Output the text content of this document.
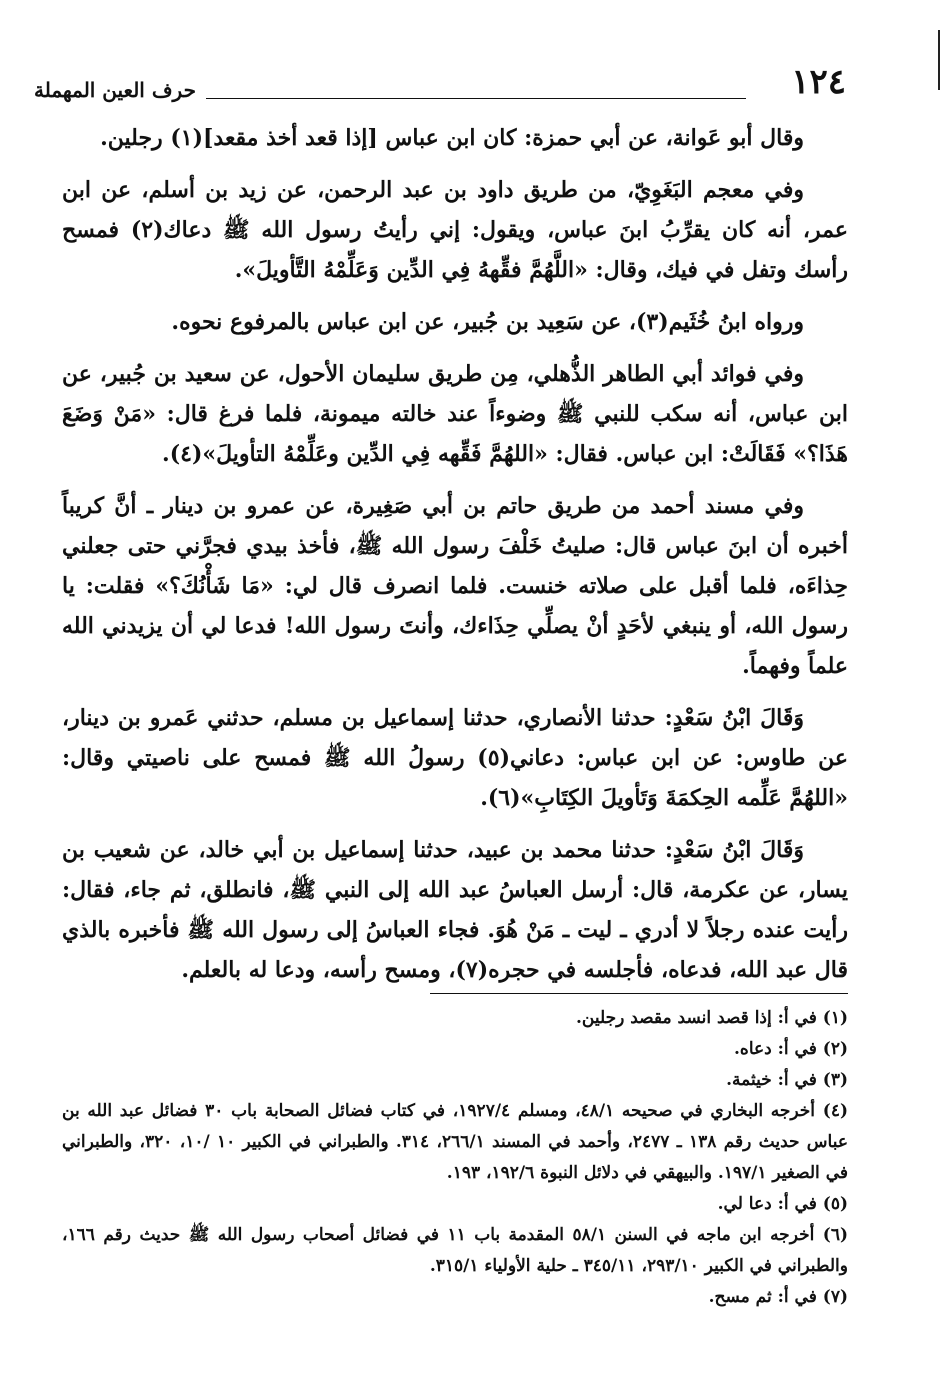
١٢٤
حرف العين المهملة

وقال أبو عَوانة، عن أبي حمزة: كان ابن عباس [إذا قعد أخذ مقعد](١) رجلين.

وفي معجم البَغَوِيّ، من طريق داود بن عبد الرحمن، عن زيد بن أسلم، عن ابن عمر، أنه كان يقرِّبُ ابنَ عباس، ويقول: إني رأيتُ رسول الله ﷺ دعاك(٢) فمسح رأسك وتفل في فيك، وقال: «اللَّهُمَّ فقِّههُ فِي الدِّين وَعَلِّمْهُ التَّأويلَ».

ورواه ابنُ خُثَيم(٣)، عن سَعِيد بن جُبير، عن ابن عباس بالمرفوع نحوه.

وفي فوائد أبي الطاهر الذُّهلي، مِن طريق سليمان الأحول، عن سعيد بن جُبير، عن ابن عباس، أنه سكب للنبي ﷺ وضوءاً عند خالته ميمونة، فلما فرغ قال: «مَنْ وَضَعَ هَذَا؟» فَقَالَتْ: ابن عباس. فقال: «اللهُمَّ فَقِّهه فِي الدِّين وعَلِّمْهُ التأويلَ»(٤).

وفي مسند أحمد من طريق حاتم بن أبي صَغِيرة، عن عمرو بن دينار ـ أنَّ كريباً أخبره أن ابنَ عباس قال: صليتُ خَلْفَ رسول الله ﷺ، فأخذ بيدي فجرَّني حتى جعلني حِذاءَه، فلما أقبل على صلاته خنست. فلما انصرف قال لي: «مَا شَأْنُكَ؟» فقلت: يا رسول الله، أو ينبغي لأحَدٍ أنْ يصلِّي حِذَاءك، وأنتَ رسول الله! فدعا لي أن يزيدني الله علماً وفهماً.

وَقَالَ ابْنُ سَعْدٍ: حدثنا الأنصاري، حدثنا إسماعيل بن مسلم، حدثني عَمرو بن دينار، عن طاوس: عن ابن عباس: دعاني(٥) رسولُ الله ﷺ فمسح على ناصيتي وقال: «اللهُمَّ عَلِّمه الحِكمَةَ وَتَأويلَ الكِتَابِ»(٦).

وَقَالَ ابْنُ سَعْدٍ: حدثنا محمد بن عبيد، حدثنا إسماعيل بن أبي خالد، عن شعيب بن يسار، عن عكرمة، قال: أرسل العباسُ عبد الله إلى النبي ﷺ، فانطلق، ثم جاء، فقال: رأيت عنده رجلاً لا أدري ـ ليت ـ مَنْ هُوَ. فجاء العباسُ إلى رسول الله ﷺ فأخبره بالذي قال عبد الله، فدعاه، فأجلسه في حجره(٧)، ومسح رأسه، ودعا له بالعلم.

(١) في أ: إذا قصد انسد مقصد رجلين.

(٢) في أ: دعاه.

(٣) في أ: خيثمة.

(٤) أخرجه البخاري في صحيحه ٤٨/١، ومسلم ١٩٢٧/٤، في كتاب فضائل الصحابة باب ٣٠ فضائل عبد الله بن عباس حديث رقم ١٣٨ ـ ٢٤٧٧، وأحمد في المسند ٢٦٦/١، ٣١٤. والطبراني في الكبير ١٠ /١٠، ٣٢٠، والطبراني في الصغير ١٩٧/١. والبيهقي في دلائل النبوة ١٩٢/٦، ١٩٣.

(٥) في أ: دعا لي.

(٦) أخرجه ابن ماجه في السنن ٥٨/١ المقدمة باب ١١ في فضائل أصحاب رسول الله ﷺ حديث رقم ١٦٦، والطبراني في الكبير ٢٩٣/١٠، ٣٤٥/١١ ـ حلية الأولياء ٣١٥/١.

(٧) في أ: ثم مسح.
